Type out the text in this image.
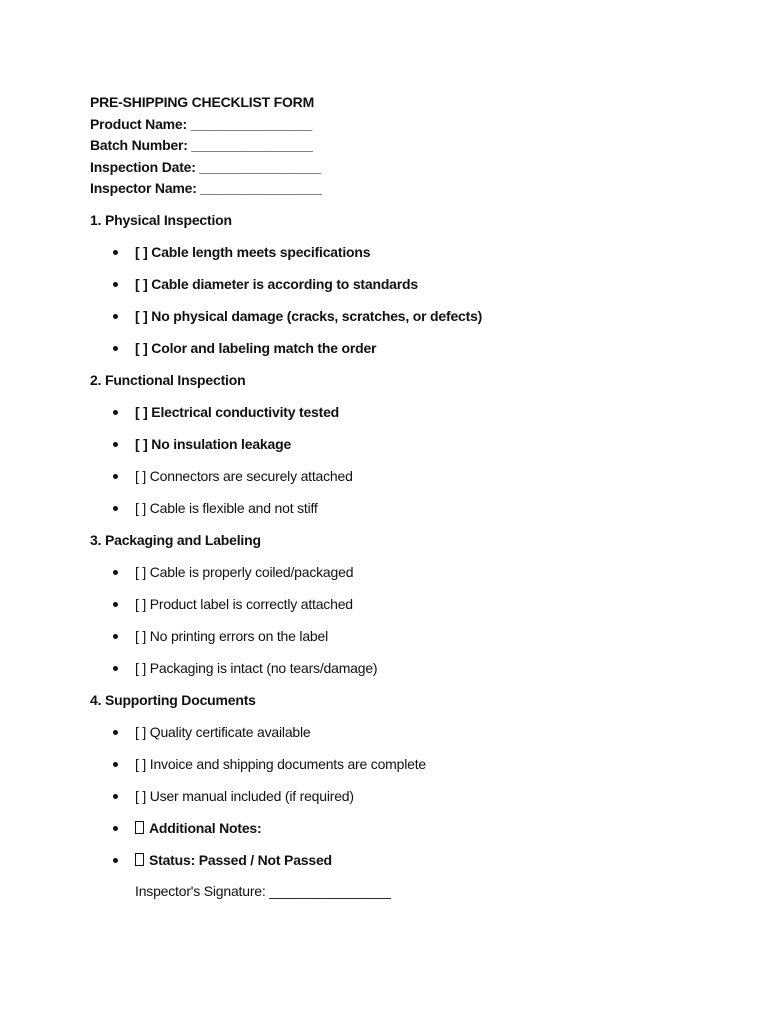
PRE-SHIPPING CHECKLIST FORM
Product Name: ________________
Batch Number: ________________
Inspection Date: ________________
Inspector Name: ________________
1. Physical Inspection
[ ] Cable length meets specifications
[ ] Cable diameter is according to standards
[ ] No physical damage (cracks, scratches, or defects)
[ ] Color and labeling match the order
2. Functional Inspection
[ ] Electrical conductivity tested
[ ] No insulation leakage
[ ] Connectors are securely attached
[ ] Cable is flexible and not stiff
3. Packaging and Labeling
[ ] Cable is properly coiled/packaged
[ ] Product label is correctly attached
[ ] No printing errors on the label
[ ] Packaging is intact (no tears/damage)
4. Supporting Documents
[ ] Quality certificate available
[ ] Invoice and shipping documents are complete
[ ] User manual included (if required)
Additional Notes:
Status: Passed / Not Passed
Inspector's Signature: ________________
